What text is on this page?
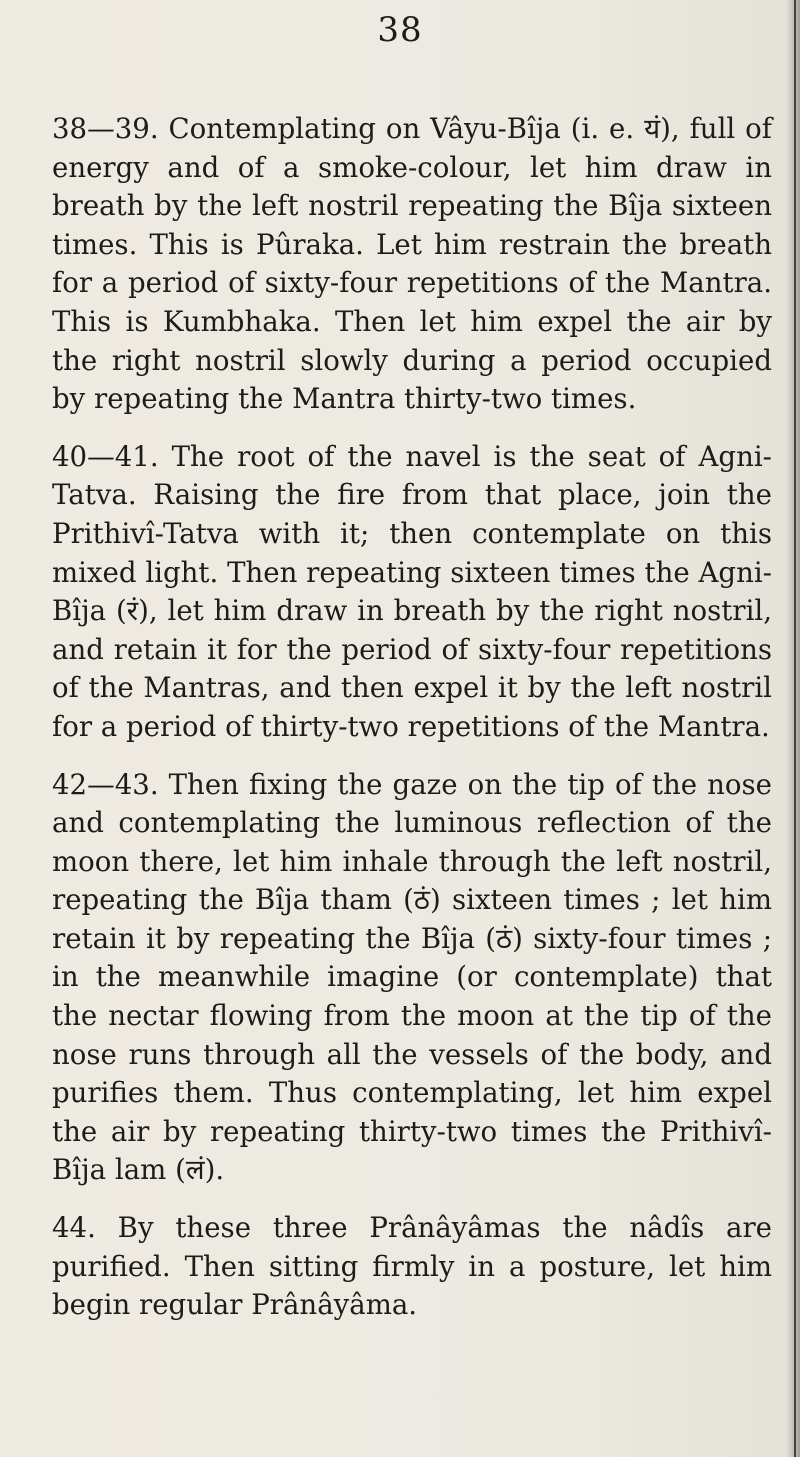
38

38—39. Contemplating on Vâyu-Bîja (i. e. यं), full of energy and of a smoke-colour, let him draw in breath by the left nostril repeating the Bîja sixteen times. This is Pûraka. Let him restrain the breath for a period of sixty-four repetitions of the Mantra. This is Kumbhaka. Then let him expel the air by the right nostril slowly during a period occupied by repeating the Mantra thirty-two times.

40—41. The root of the navel is the seat of Agni-Tatva. Raising the fire from that place, join the Prithivî-Tatva with it; then contemplate on this mixed light. Then repeating sixteen times the Agni-Bîja (रं), let him draw in breath by the right nostril, and retain it for the period of sixty-four repetitions of the Mantras, and then expel it by the left nostril for a period of thirty-two repetitions of the Mantra.

42—43. Then fixing the gaze on the tip of the nose and contemplating the luminous reflection of the moon there, let him inhale through the left nostril, repeating the Bîja tham (ठं) sixteen times ; let him retain it by repeating the Bîja (ठं) sixty-four times ; in the meanwhile imagine (or contemplate) that the nectar flowing from the moon at the tip of the nose runs through all the vessels of the body, and purifies them. Thus contemplating, let him expel the air by repeating thirty-two times the Prithivî-Bîja lam (लं).

44. By these three Prânâyâmas the nâdîs are purified. Then sitting firmly in a posture, let him begin regular Prânâyâma.
